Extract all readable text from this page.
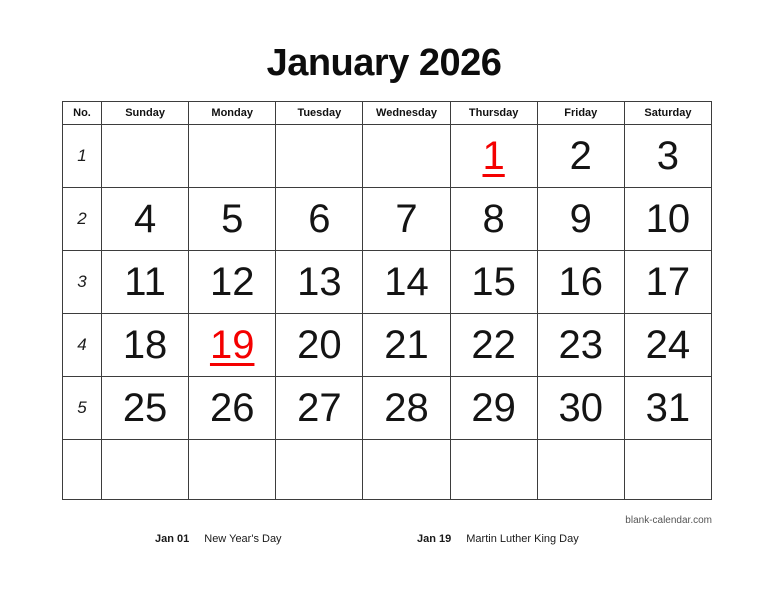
January 2026
No.	Sunday	Monday	Tuesday	Wednesday	Thursday	Friday	Saturday
1					1	2	3
2	4	5	6	7	8	9	10
3	11	12	13	14	15	16	17
4	18	19	20	21	22	23	24
5	25	26	27	28	29	30	31

blank-calendar.com
Jan 01 New Year's Day	Jan 19 Martin Luther King Day
